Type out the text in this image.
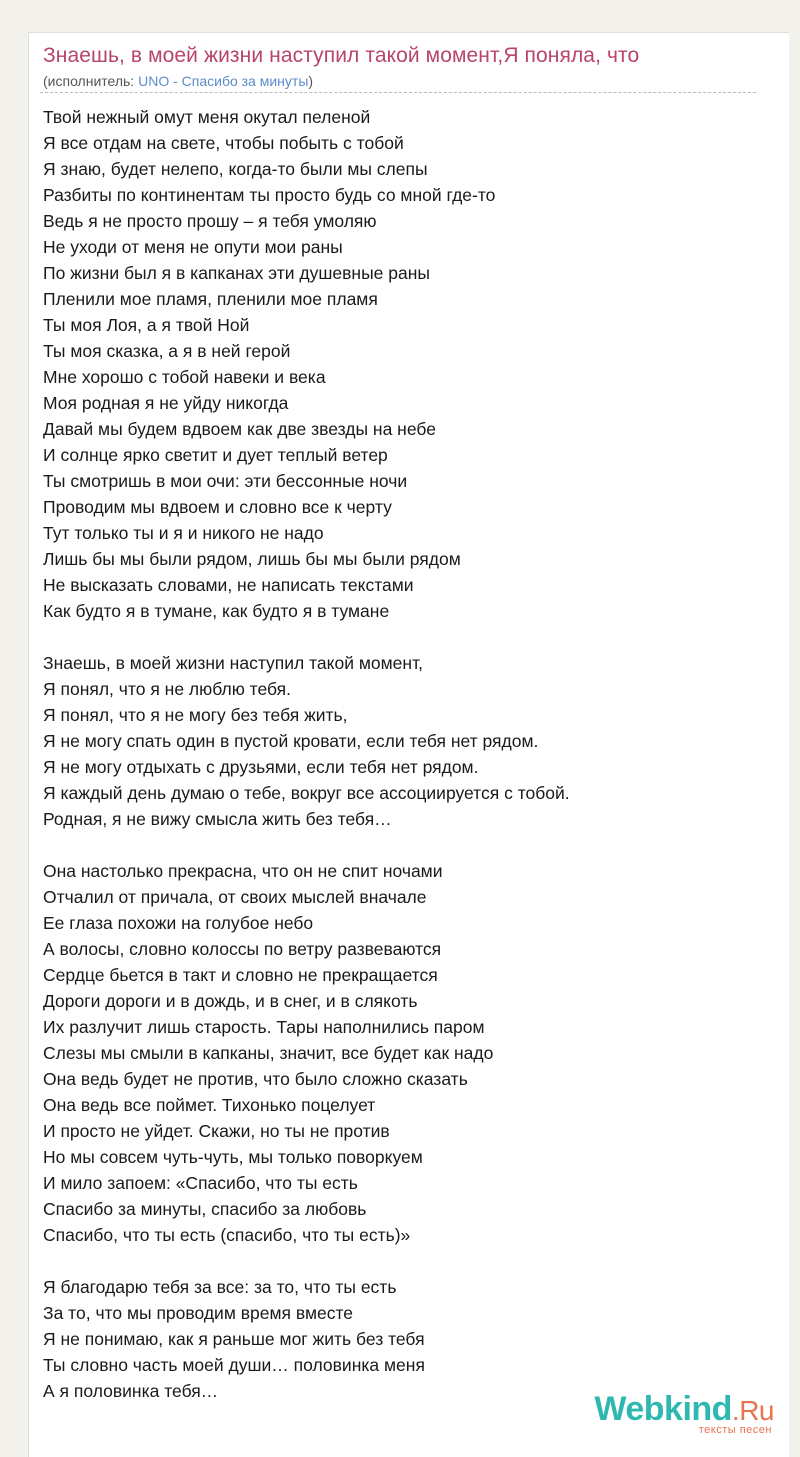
Знаешь, в моей жизни наступил такой момент,Я поняла, что
(исполнитель: UNO - Спасибо за минуты)
Твой нежный омут меня окутал пеленой
Я все отдам на свете, чтобы побыть с тобой
Я знаю, будет нелепо, когда-то были мы слепы
Разбиты по континентам ты просто будь со мной где-то
Ведь я не просто прошу – я тебя умоляю
Не уходи от меня не опути мои раны
По жизни был я в капканах эти душевные раны
Пленили мое пламя, пленили мое пламя
Ты моя Лоя, а я твой Ной
Ты моя сказка, а я в ней герой
Мне хорошо с тобой навеки и века
Моя родная я не уйду никогда
Давай мы будем вдвоем как две звезды на небе
И солнце ярко светит и дует теплый ветер
Ты смотришь в мои очи: эти бессонные ночи
Проводим мы вдвоем и словно все к черту
Тут только ты и я и никого не надо
Лишь бы мы были рядом, лишь бы мы были рядом
Не высказать словами, не написать текстами
Как будто я в тумане, как будто я в тумане
Знаешь, в моей жизни наступил такой момент,
Я понял, что я не люблю тебя.
Я понял, что я не могу без тебя жить,
Я не могу спать один в пустой кровати, если тебя нет рядом.
Я не могу отдыхать с друзьями, если тебя нет рядом.
Я каждый день думаю о тебе, вокруг все ассоциируется с тобой.
Родная, я не вижу смысла жить без тебя…
Она настолько прекрасна, что он не спит ночами
Отчалил от причала, от своих мыслей вначале
Ее глаза похожи на голубое небо
А волосы, словно колоссы по ветру развеваются
Сердце бьется в такт и словно не прекращается
Дороги дороги и в дождь, и в снег, и в слякоть
Их разлучит лишь старость. Тары наполнились паром
Слезы мы смыли в капканы, значит, все будет как надо
Она ведь будет не против, что было сложно сказать
Она ведь все поймет. Тихонько поцелует
И просто не уйдет. Скажи, но ты не против
Но мы совсем чуть-чуть, мы только поворкуем
И мило запоем: «Спасибо, что ты есть
Спасибо за минуты, спасибо за любовь
Спасибо, что ты есть (спасибо, что ты есть)»
Я благодарю тебя за все: за то, что ты есть
За то, что мы проводим время вместе
Я не понимаю, как я раньше мог жить без тебя
Ты словно часть моей души… половинка меня
А я половинка тебя…	Webkind.Ru
тексты песен
